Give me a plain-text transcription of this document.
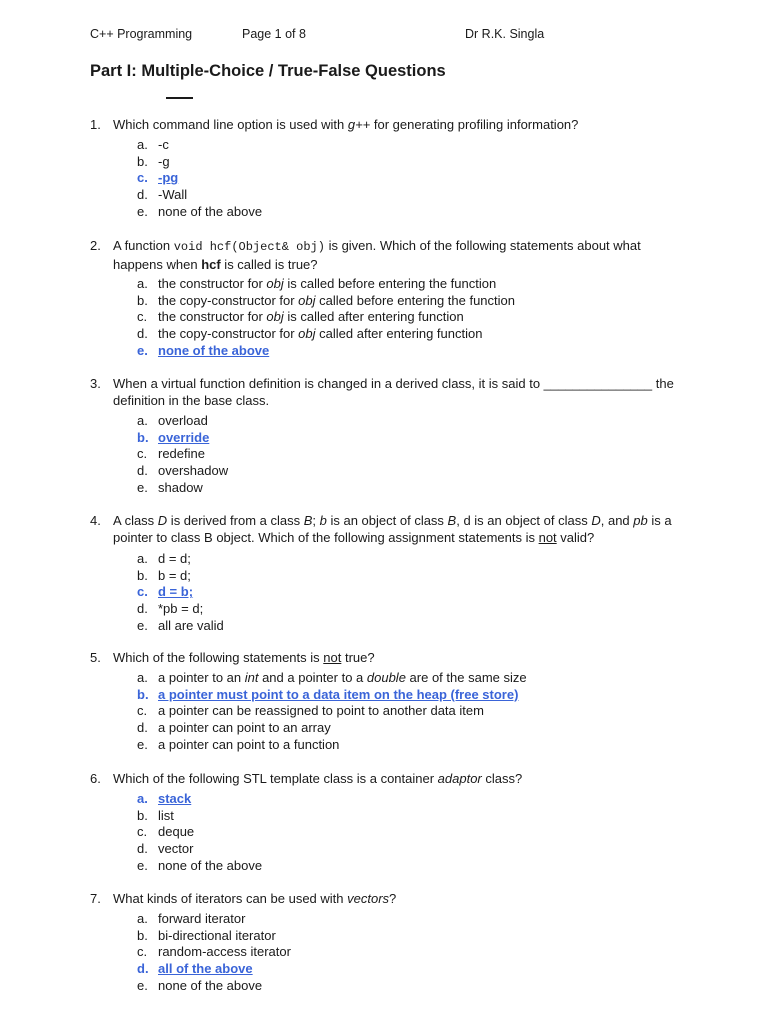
C++ Programming	Page 1 of 8	Dr R.K. Singla
Part I: Multiple-Choice / True-False Questions
1. Which command line option is used with g++ for generating profiling information?
a. -c
b. -g
c. -pg
d. -Wall
e. none of the above
2. A function void hcf(Object& obj) is given. Which of the following statements about what happens when hcf is called is true?
a. the constructor for obj is called before entering the function
b. the copy-constructor for obj called before entering the function
c. the constructor for obj is called after entering function
d. the copy-constructor for obj called after entering function
e. none of the above
3. When a virtual function definition is changed in a derived class, it is said to _______________ the definition in the base class.
a. overload
b. override
c. redefine
d. overshadow
e. shadow
4. A class D is derived from a class B; b is an object of class B, d is an object of class D, and pb is a pointer to class B object. Which of the following assignment statements is not valid?
a. d = d;
b. b = d;
c. d = b;
d. *pb = d;
e. all are valid
5. Which of the following statements is not true?
a. a pointer to an int and a pointer to a double are of the same size
b. a pointer must point to a data item on the heap (free store)
c. a pointer can be reassigned to point to another data item
d. a pointer can point to an array
e. a pointer can point to a function
6. Which of the following STL template class is a container adaptor class?
a. stack
b. list
c. deque
d. vector
e. none of the above
7. What kinds of iterators can be used with vectors?
a. forward iterator
b. bi-directional iterator
c. random-access iterator
d. all of the above
e. none of the above
